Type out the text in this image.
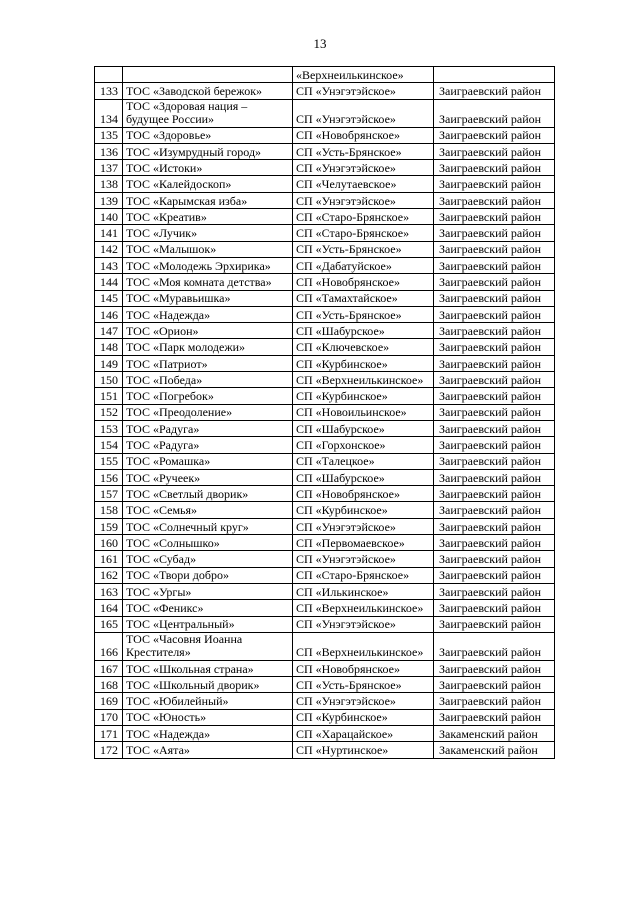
13
		«Верхнеилькинское»	
133	ТОС «Заводской бережок»	СП «Унэгэтэйское»	Заиграевский район
134	ТОС «Здоровая нация – будущее России»	СП «Унэгэтэйское»	Заиграевский район
135	ТОС «Здоровье»	СП «Новобрянское»	Заиграевский район
136	ТОС «Изумрудный город»	СП «Усть-Брянское»	Заиграевский район
137	ТОС «Истоки»	СП «Унэгэтэйское»	Заиграевский район
138	ТОС «Калейдоскоп»	СП «Челутаевское»	Заиграевский район
139	ТОС «Карымская изба»	СП «Унэгэтэйское»	Заиграевский район
140	ТОС «Креатив»	СП «Старо-Брянское»	Заиграевский район
141	ТОС «Лучик»	СП «Старо-Брянское»	Заиграевский район
142	ТОС «Малышок»	СП «Усть-Брянское»	Заиграевский район
143	ТОС «Молодежь Эрхирика»	СП «Дабатуйское»	Заиграевский район
144	ТОС «Моя комната детства»	СП «Новобрянское»	Заиграевский район
145	ТОС «Муравьишка»	СП «Тамахтайское»	Заиграевский район
146	ТОС «Надежда»	СП «Усть-Брянское»	Заиграевский район
147	ТОС «Орион»	СП «Шабурское»	Заиграевский район
148	ТОС «Парк молодежи»	СП «Ключевское»	Заиграевский район
149	ТОС «Патриот»	СП «Курбинское»	Заиграевский район
150	ТОС «Победа»	СП «Верхнеилькинское»	Заиграевский район
151	ТОС «Погребок»	СП «Курбинское»	Заиграевский район
152	ТОС «Преодоление»	СП «Новоильинское»	Заиграевский район
153	ТОС «Радуга»	СП «Шабурское»	Заиграевский район
154	ТОС «Радуга»	СП «Горхонское»	Заиграевский район
155	ТОС «Ромашка»	СП «Талецкое»	Заиграевский район
156	ТОС «Ручеек»	СП «Шабурское»	Заиграевский район
157	ТОС «Светлый дворик»	СП «Новобрянское»	Заиграевский район
158	ТОС «Семья»	СП «Курбинское»	Заиграевский район
159	ТОС «Солнечный круг»	СП «Унэгэтэйское»	Заиграевский район
160	ТОС «Солнышко»	СП «Первомаевское»	Заиграевский район
161	ТОС «Субад»	СП «Унэгэтэйское»	Заиграевский район
162	ТОС «Твори добро»	СП «Старо-Брянское»	Заиграевский район
163	ТОС «Ургы»	СП «Илькинское»	Заиграевский район
164	ТОС «Феникс»	СП «Верхнеилькинское»	Заиграевский район
165	ТОС «Центральный»	СП «Унэгэтэйское»	Заиграевский район
166	ТОС «Часовня Иоанна Крестителя»	СП «Верхнеилькинское»	Заиграевский район
167	ТОС «Школьная страна»	СП «Новобрянское»	Заиграевский район
168	ТОС «Школьный дворик»	СП «Усть-Брянское»	Заиграевский район
169	ТОС «Юбилейный»	СП «Унэгэтэйское»	Заиграевский район
170	ТОС «Юность»	СП «Курбинское»	Заиграевский район
171	ТОС «Надежда»	СП «Харацайское»	Закаменский район
172	ТОС «Аята»	СП «Нуртинское»	Закаменский район
